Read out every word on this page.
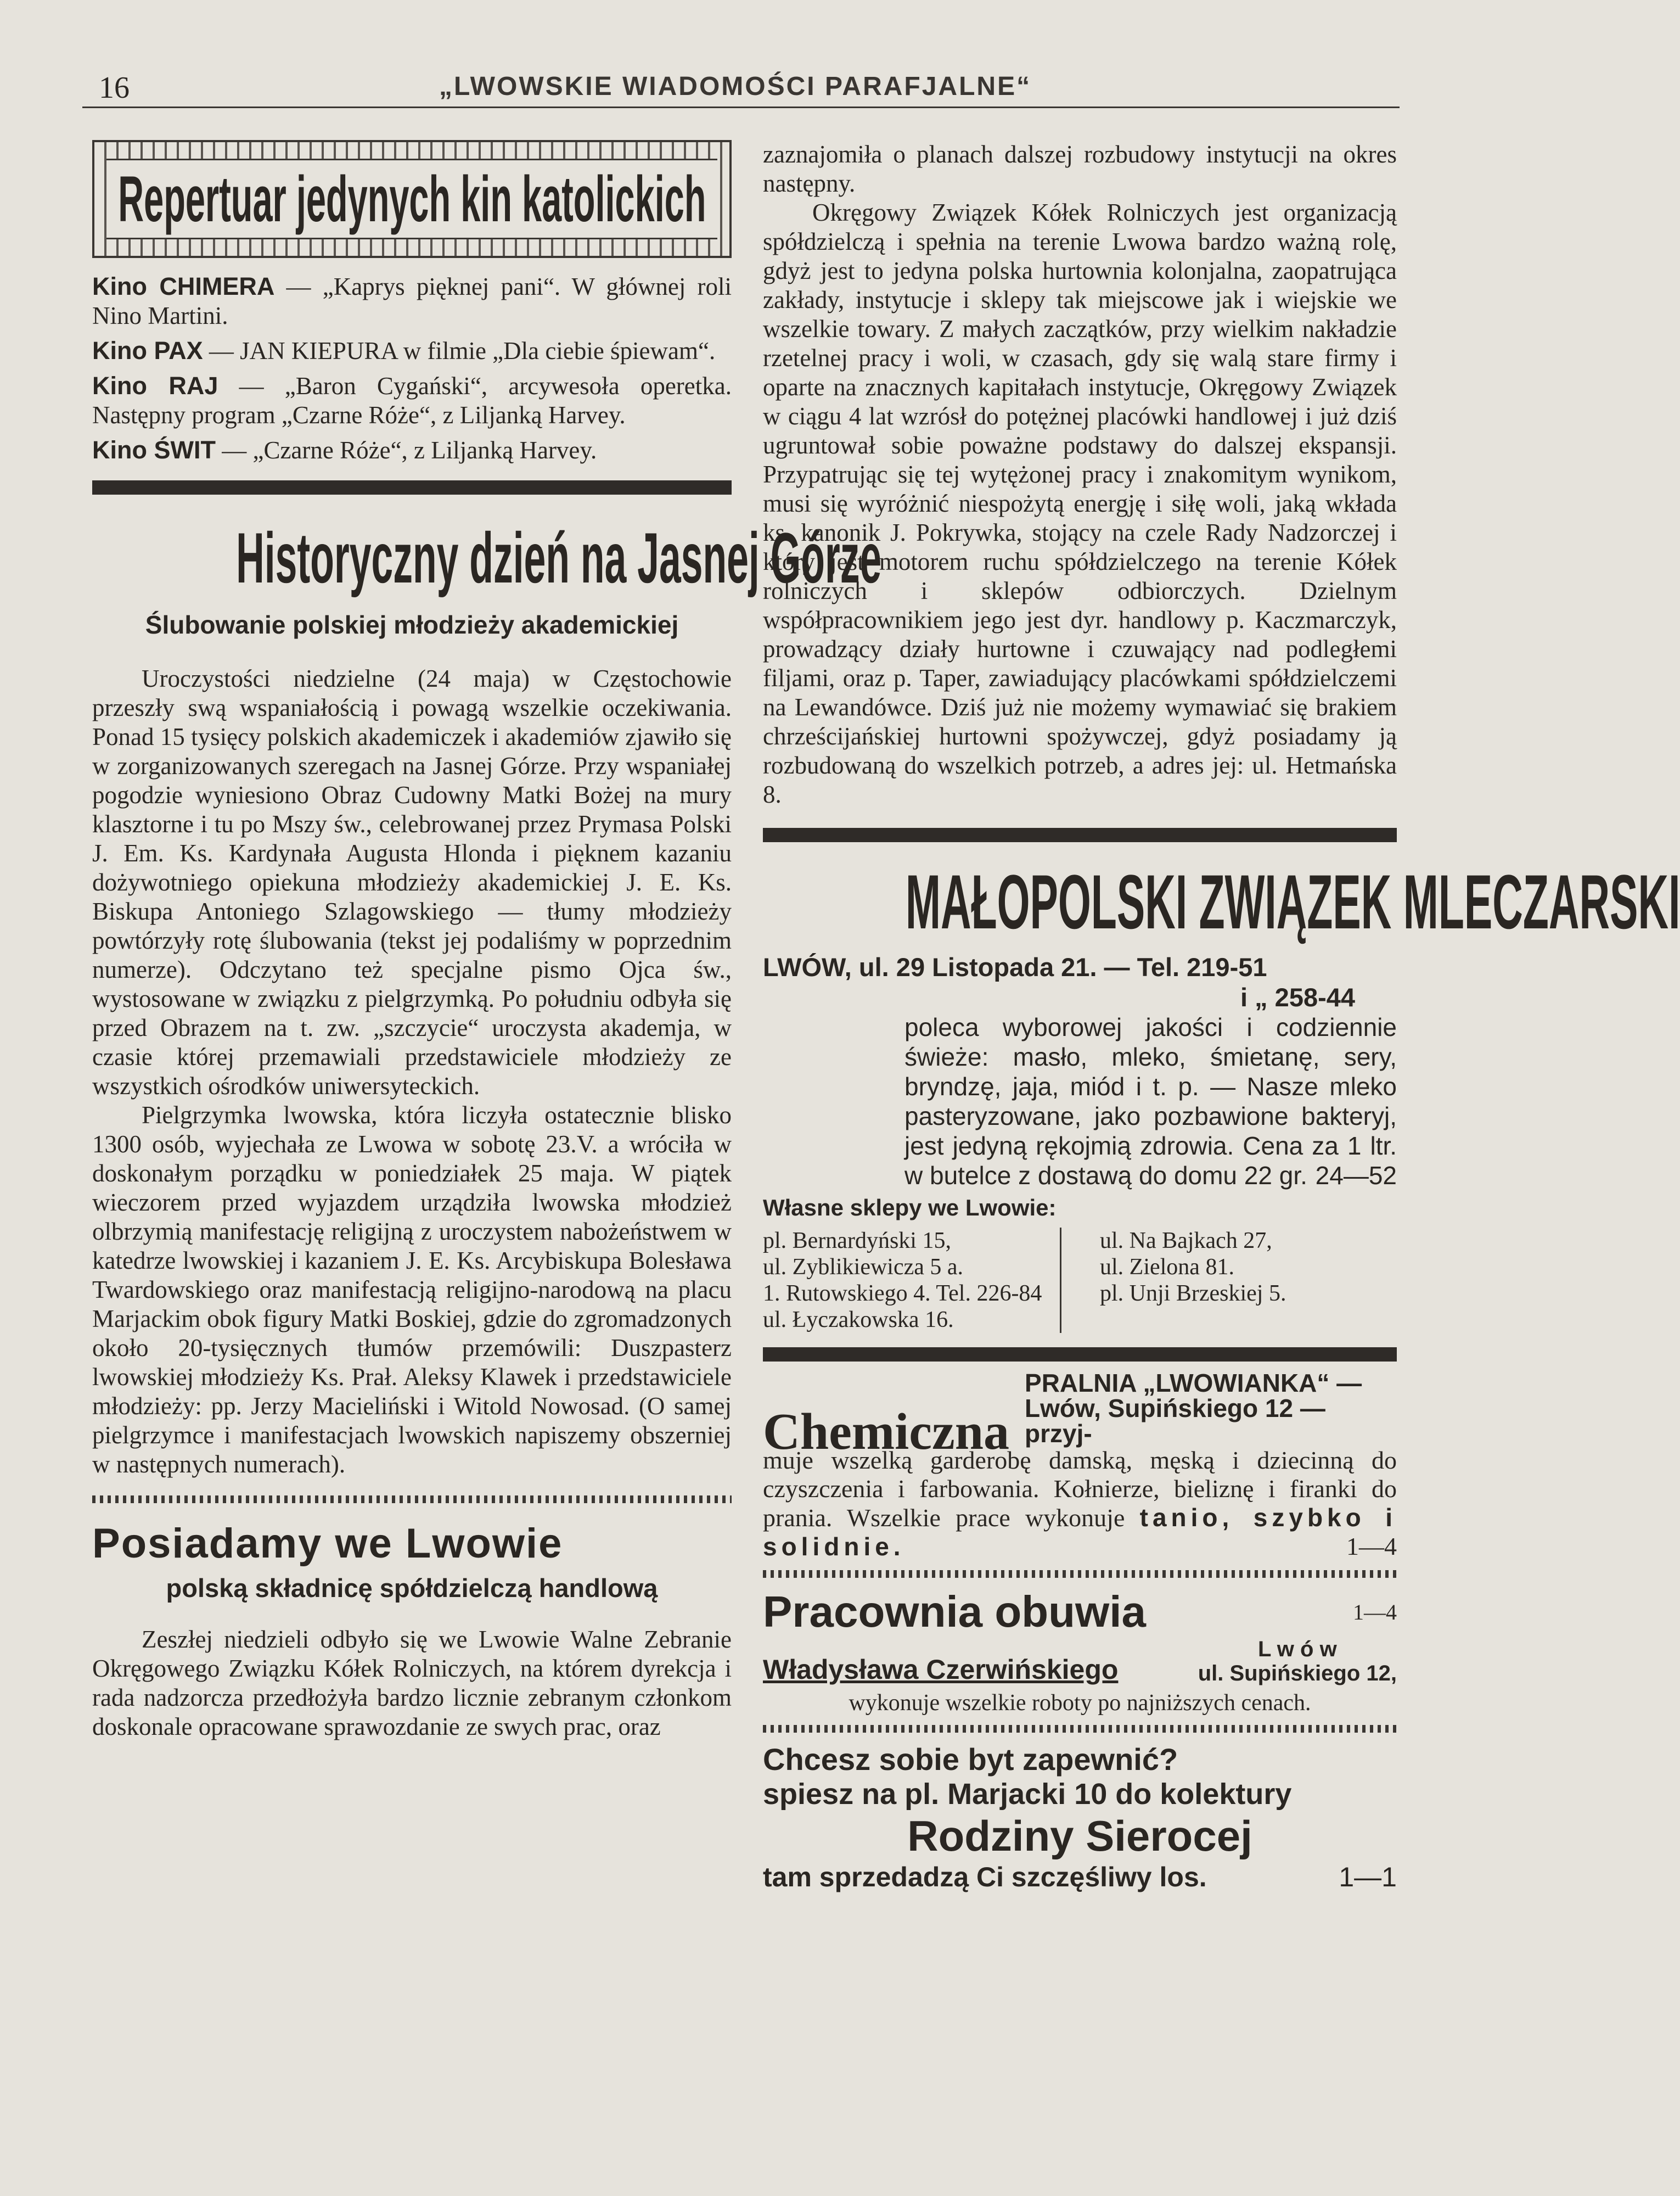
16	„LWOWSKIE WIADOMOŚCI PARAFJALNE“
Repertuar jedynych kin katolickich

Kino CHIMERA — „Kaprys pięknej pani“. W głównej roli Nino Martini.

Kino PAX — JAN KIEPURA w filmie „Dla ciebie śpiewam“.

Kino RAJ — „Baron Cygański“, arcywesoła operetka. Następny program „Czarne Róże“, z Liljanką Harvey.

Kino ŚWIT — „Czarne Róże“, z Liljanką Harvey.

Historyczny dzień na Jasnej Górze
Ślubowanie polskiej młodzieży akademickiej

Uroczystości niedzielne (24 maja) w Częstochowie przeszły swą wspaniałością i powagą wszelkie oczekiwania. Ponad 15 tysięcy polskich akademiczek i akademiów zjawiło się w zorganizowanych szeregach na Jasnej Górze. Przy wspaniałej pogodzie wyniesiono Obraz Cudowny Matki Bożej na mury klasztorne i tu po Mszy św., celebrowanej przez Prymasa Polski J. Em. Ks. Kardynała Augusta Hlonda i pięknem kazaniu dożywotniego opiekuna młodzieży akademickiej J. E. Ks. Biskupa Antoniego Szlagowskiego — tłumy młodzieży powtórzyły rotę ślubowania (tekst jej podaliśmy w poprzednim numerze). Odczytano też specjalne pismo Ojca św., wystosowane w związku z pielgrzymką. Po południu odbyła się przed Obrazem na t. zw. „szczycie“ uroczysta akademja, w czasie której przemawiali przedstawiciele młodzieży ze wszystkich ośrodków uniwersyteckich.

Pielgrzymka lwowska, która liczyła ostatecznie blisko 1300 osób, wyjechała ze Lwowa w sobotę 23.V. a wróciła w doskonałym porządku w poniedziałek 25 maja. W piątek wieczorem przed wyjazdem urządziła lwowska młodzież olbrzymią manifestację religijną z uroczystem nabożeństwem w katedrze lwowskiej i kazaniem J. E. Ks. Arcybiskupa Bolesława Twardowskiego oraz manifestacją religijno-narodową na placu Marjackim obok figury Matki Boskiej, gdzie do zgromadzonych około 20-tysięcznych tłumów przemówili: Duszpasterz lwowskiej młodzieży Ks. Prał. Aleksy Klawek i przedstawiciele młodzieży: pp. Jerzy Macieliński i Witold Nowosad. (O samej pielgrzymce i manifestacjach lwowskich napiszemy obszerniej w następnych numerach).

Posiadamy we Lwowie
polską składnicę spółdzielczą handlową

Zeszłej niedzieli odbyło się we Lwowie Walne Zebranie Okręgowego Związku Kółek Rolniczych, na którem dyrekcja i rada nadzorcza przedłożyła bardzo licznie zebranym członkom doskonale opracowane sprawozdanie ze swych prac, oraz

zaznajomiła o planach dalszej rozbudowy instytucji na okres następny.

Okręgowy Związek Kółek Rolniczych jest organizacją spółdzielczą i spełnia na terenie Lwowa bardzo ważną rolę, gdyż jest to jedyna polska hurtownia kolonjalna, zaopatrująca zakłady, instytucje i sklepy tak miejscowe jak i wiejskie we wszelkie towary. Z małych zaczątków, przy wielkim nakładzie rzetelnej pracy i woli, w czasach, gdy się walą stare firmy i oparte na znacznych kapitałach instytucje, Okręgowy Związek w ciągu 4 lat wzrósł do potężnej placówki handlowej i już dziś ugruntował sobie poważne podstawy do dalszej ekspansji. Przypatrując się tej wytężonej pracy i znakomitym wynikom, musi się wyróżnić niespożytą energję i siłę woli, jaką wkłada ks. kanonik J. Pokrywka, stojący na czele Rady Nadzorczej i który jest motorem ruchu spółdzielczego na terenie Kółek rolniczych i sklepów odbiorczych. Dzielnym współpracownikiem jego jest dyr. handlowy p. Kaczmarczyk, prowadzący działy hurtowne i czuwający nad podległemi filjami, oraz p. Taper, zawiadujący placówkami spółdzielczemi na Lewandówce. Dziś już nie możemy wymawiać się brakiem chrześcijańskiej hurtowni spożywczej, gdyż posiadamy ją rozbudowaną do wszelkich potrzeb, a adres jej: ul. Hetmańska 8.

MAŁOPOLSKI ZWIĄZEK MLECZARSKI
LWÓW, ul. 29 Listopada 21. — Tel. 219-51
i „ 258-44
poleca wyborowej jakości i codziennie świeże: masło, mleko, śmietanę, sery, bryndzę, jaja, miód i t. p. — Nasze mleko pasteryzowane, jako pozbawione bakteryj, jest jedyną rękojmią zdrowia. Cena za 1 ltr. w butelce z dostawą do domu 22 gr. 24—52
Własne sklepy we Lwowie:
pl. Bernardyński 15,
ul. Zyblikiewicza 5 a.
1. Rutowskiego 4. Tel. 226-84
ul. Łyczakowska 16.
ul. Na Bajkach 27,
ul. Zielona 81.
pl. Unji Brzeskiej 5.
Chemiczna
PRALNIA „LWOWIANKA“ —
Lwów, Supińskiego 12 — przyj-
muje wszelką garderobę damską, męską i dziecinną do czyszczenia i farbowania. Kołnierze, bieliznę i firanki do prania. Wszelkie prace wykonuje tanio, szybko i solidnie.	1—4
Pracownia obuwia	1—4
Władysława Czerwińskiego
L w ó w
ul. Supińskiego 12,
wykonuje wszelkie roboty po najniższych cenach.
Chcesz sobie byt zapewnić?
spiesz na pl. Marjacki 10 do kolektury
Rodziny Sierocej
tam sprzedadzą Ci szczęśliwy los.	1—1
